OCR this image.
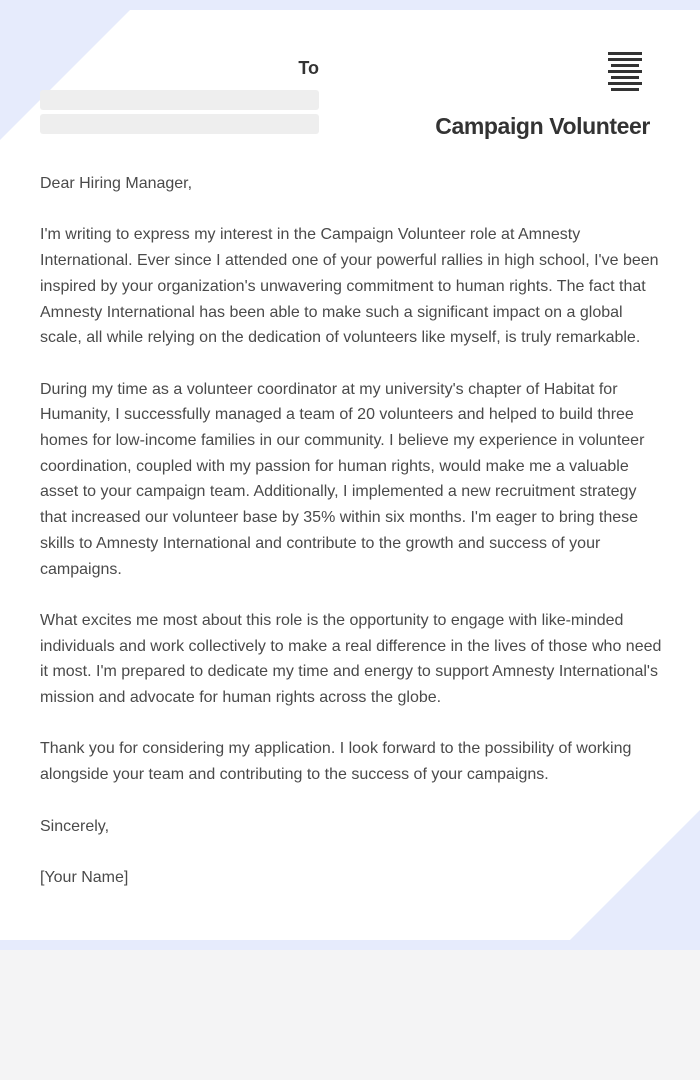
To
Campaign Volunteer

Dear Hiring Manager,

I'm writing to express my interest in the Campaign Volunteer role at Amnesty International. Ever since I attended one of your powerful rallies in high school, I've been inspired by your organization's unwavering commitment to human rights. The fact that Amnesty International has been able to make such a significant impact on a global scale, all while relying on the dedication of volunteers like myself, is truly remarkable.

During my time as a volunteer coordinator at my university's chapter of Habitat for Humanity, I successfully managed a team of 20 volunteers and helped to build three homes for low-income families in our community. I believe my experience in volunteer coordination, coupled with my passion for human rights, would make me a valuable asset to your campaign team. Additionally, I implemented a new recruitment strategy that increased our volunteer base by 35% within six months. I'm eager to bring these skills to Amnesty International and contribute to the growth and success of your campaigns.

What excites me most about this role is the opportunity to engage with like-minded individuals and work collectively to make a real difference in the lives of those who need it most. I'm prepared to dedicate my time and energy to support Amnesty International's mission and advocate for human rights across the globe.

Thank you for considering my application. I look forward to the possibility of working alongside your team and contributing to the success of your campaigns.

Sincerely,

[Your Name]
